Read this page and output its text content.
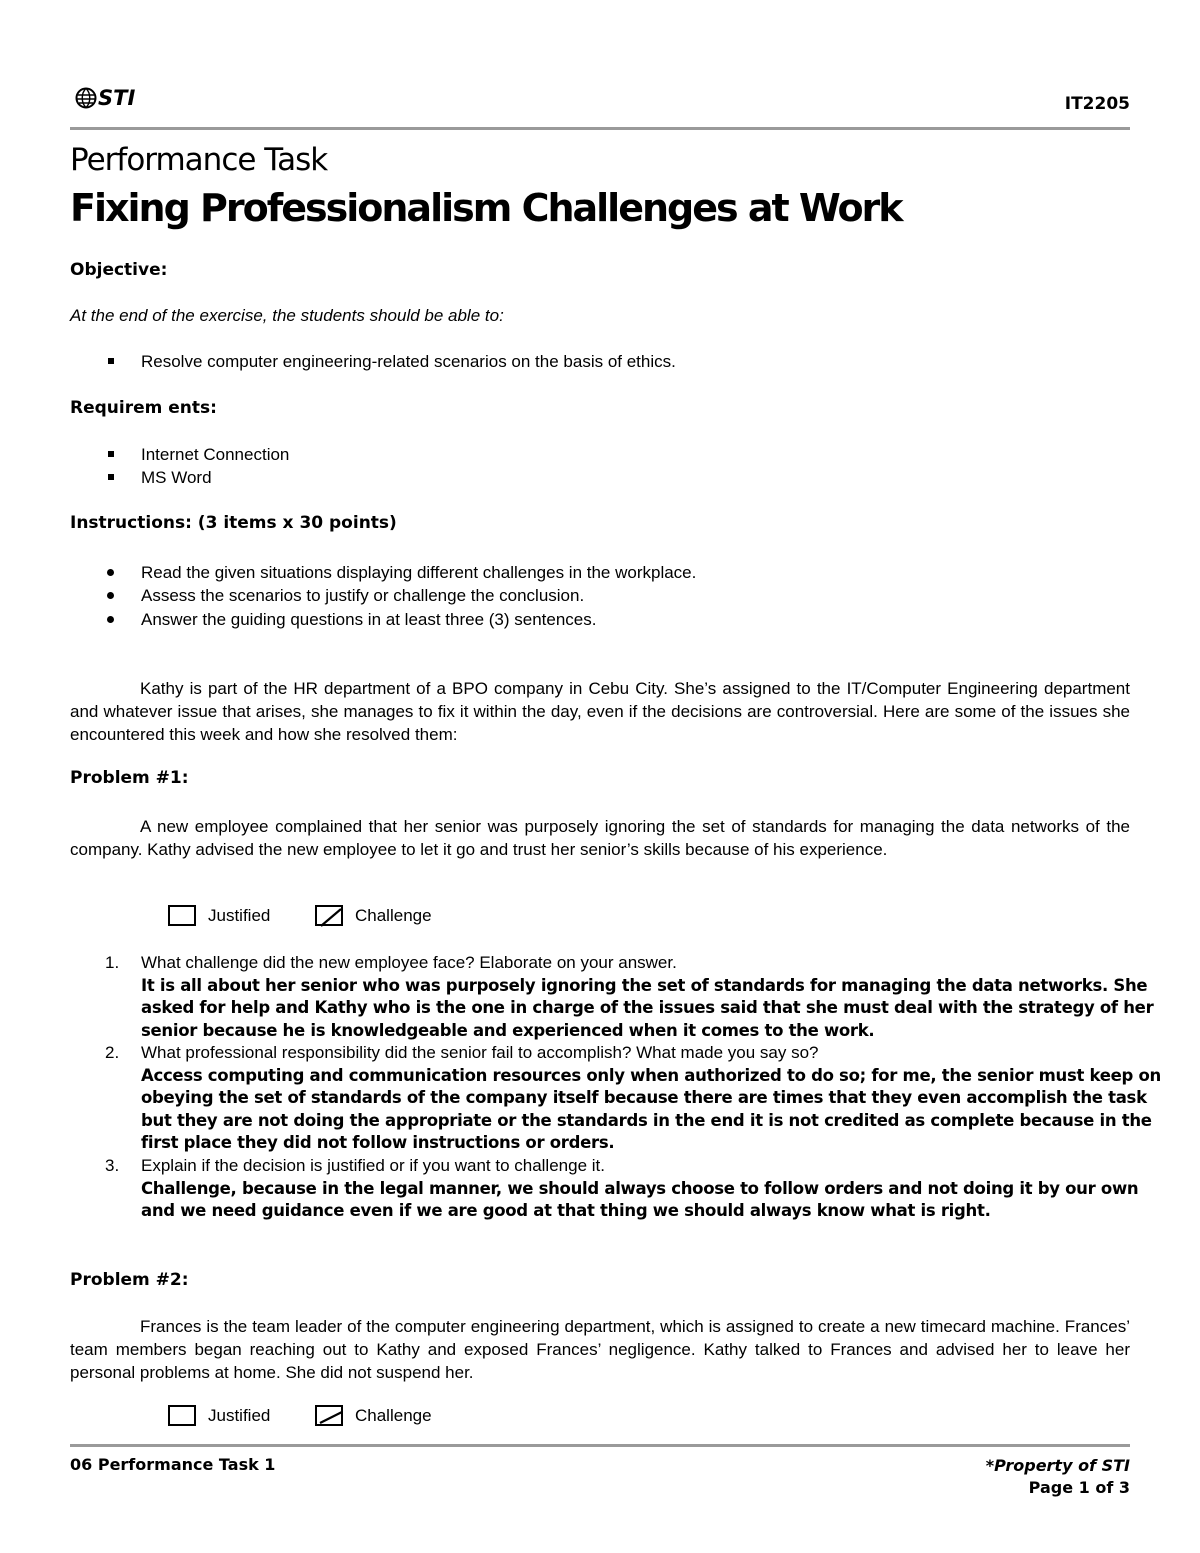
STI	IT2205
Performance Task
Fixing Professionalism Challenges at Work
Objective:
At the end of the exercise, the students should be able to:
Resolve computer engineering-related scenarios on the basis of ethics.
Requirem ents:
Internet Connection
MS Word
Instructions: (3 items x 30 points)
Read the given situations displaying different challenges in the workplace.
Assess the scenarios to justify or challenge the conclusion.
Answer the guiding questions in at least three (3) sentences.
Kathy is part of the HR department of a BPO company in Cebu City. She’s assigned to the IT/Computer Engineering department and whatever issue that arises, she manages to fix it within the day, even if the decisions are controversial. Here are some of the issues she encountered this week and how she resolved them:
Problem #1:
A new employee complained that her senior was purposely ignoring the set of standards for managing the data networks of the company. Kathy advised the new employee to let it go and trust her senior’s skills because of his experience.
Justified	Challenge
1. What challenge did the new employee face? Elaborate on your answer.
It is all about her senior who was purposely ignoring the set of standards for managing the data networks. She asked for help and Kathy who is the one in charge of the issues said that she must deal with the strategy of her senior because he is knowledgeable and experienced when it comes to the work.
2. What professional responsibility did the senior fail to accomplish? What made you say so?
Access computing and communication resources only when authorized to do so; for me, the senior must keep on obeying the set of standards of the company itself because there are times that they even accomplish the task but they are not doing the appropriate or the standards in the end it is not credited as complete because in the first place they did not follow instructions or orders.
3. Explain if the decision is justified or if you want to challenge it.
Challenge, because in the legal manner, we should always choose to follow orders and not doing it by our own and we need guidance even if we are good at that thing we should always know what is right.
Problem #2:
Frances is the team leader of the computer engineering department, which is assigned to create a new timecard machine. Frances’ team members began reaching out to Kathy and exposed Frances’ negligence. Kathy talked to Frances and advised her to leave her personal problems at home. She did not suspend her.
Justified	Challenge
06 Performance Task 1	*Property of STI
Page 1 of 3
